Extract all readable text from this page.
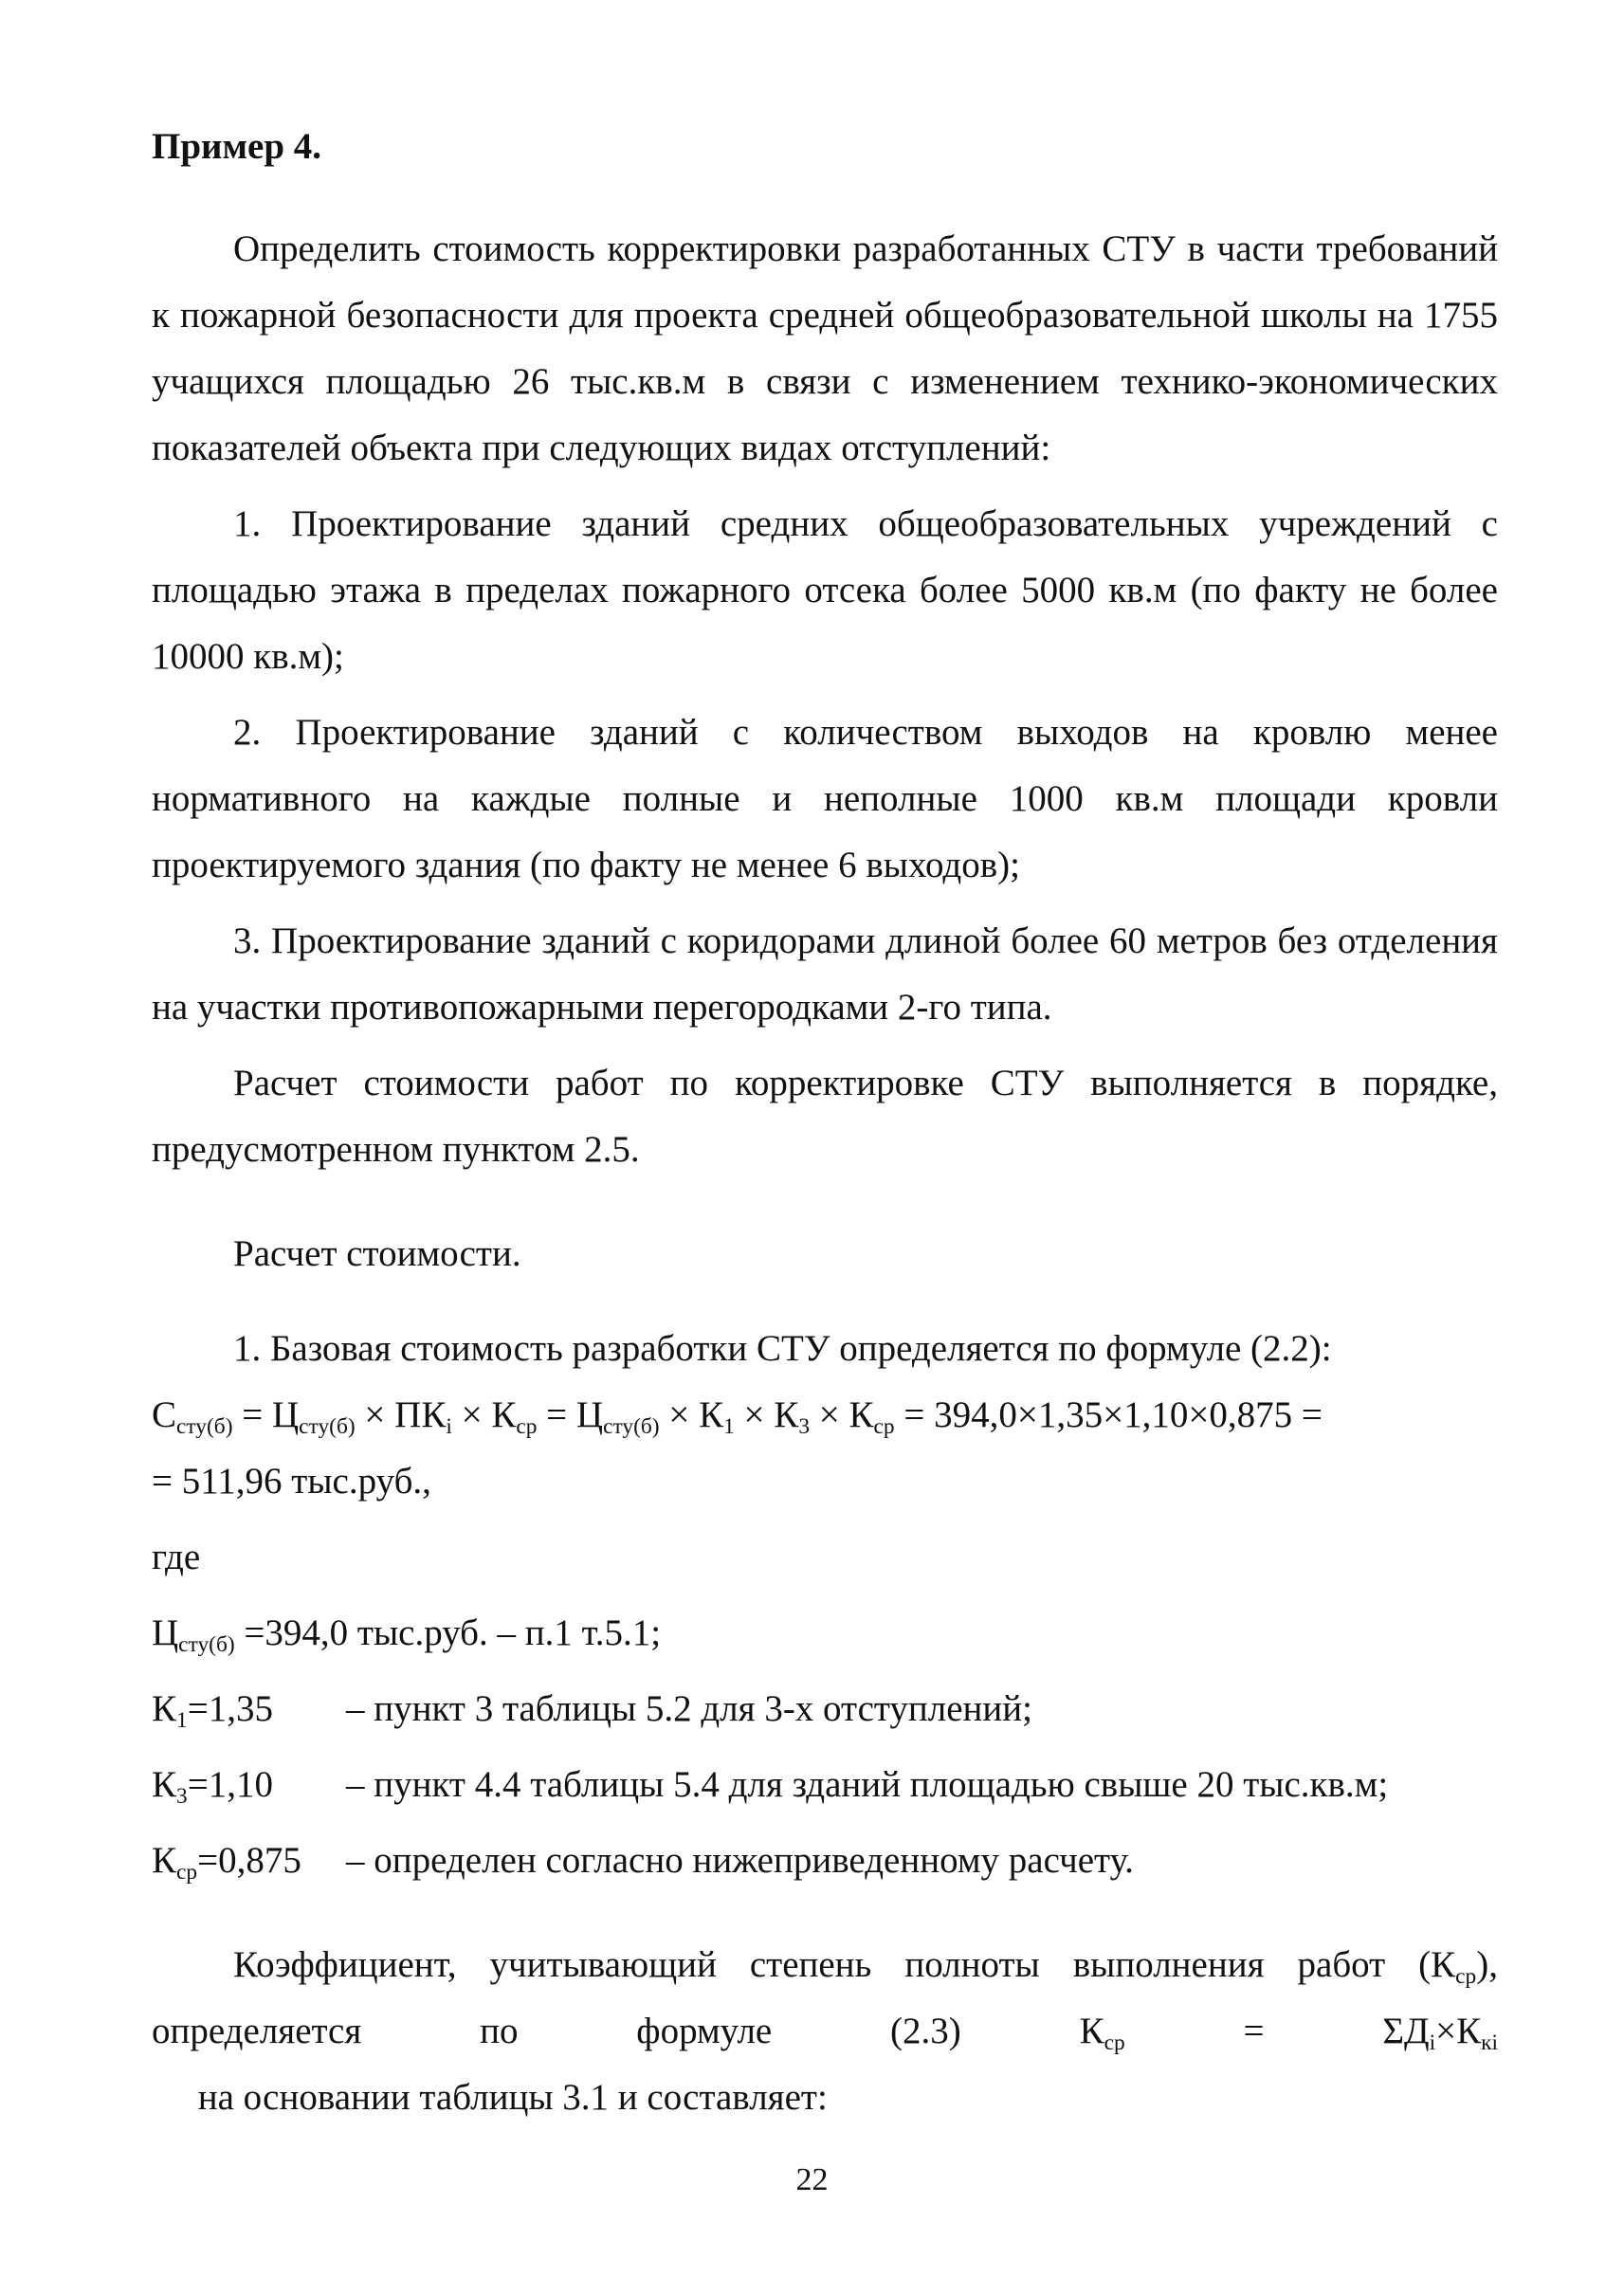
Пример 4.

Определить стоимость корректировки разработанных СТУ в части требований к пожарной безопасности для проекта средней общеобразовательной школы на 1755 учащихся площадью 26 тыс.кв.м в связи с изменением технико-экономических показателей объекта при следующих видах отступлений:

1. Проектирование зданий средних общеобразовательных учреждений с площадью этажа в пределах пожарного отсека более 5000 кв.м (по факту не более 10000 кв.м);

2. Проектирование зданий с количеством выходов на кровлю менее нормативного на каждые полные и неполные 1000 кв.м площади кровли проектируемого здания (по факту не менее 6 выходов);

3. Проектирование зданий с коридорами длиной более 60 метров без отделения на участки противопожарными перегородками 2-го типа.

Расчет стоимости работ по корректировке СТУ выполняется в порядке, предусмотренном пунктом 2.5.

Расчет стоимости.

1. Базовая стоимость разработки СТУ определяется по формуле (2.2):

$С_{сту(б)} = Ц_{сту(б)} \times ПК_i \times К_{ср} = Ц_{сту(б)} \times К_1 \times К_3 \times К_{ср} = 394,0\times 1,35\times 1,10\times 0,875$ =

= 511,96 тыс.руб.,

где

$Ц_{сту(б)} =394,0$ тыс.руб. – п.1 т.5.1;

$К_1=1,35$	– пункт 3 таблицы 5.2 для 3-х отступлений;
$К_3=1,10$	– пункт 4.4 таблицы 5.4 для зданий площадью свыше 20 тыс.кв.м;
$К_{ср}=0,875$	– определен согласно нижеприведенному расчету.

Коэффициент, учитывающий степень полноты выполнения работ $(К_{ср})$, определяется по формуле (2.3) $К_{ср} = \Sigma Д_i\times К_{кi}$     на основании таблицы 3.1 и составляет:

22
